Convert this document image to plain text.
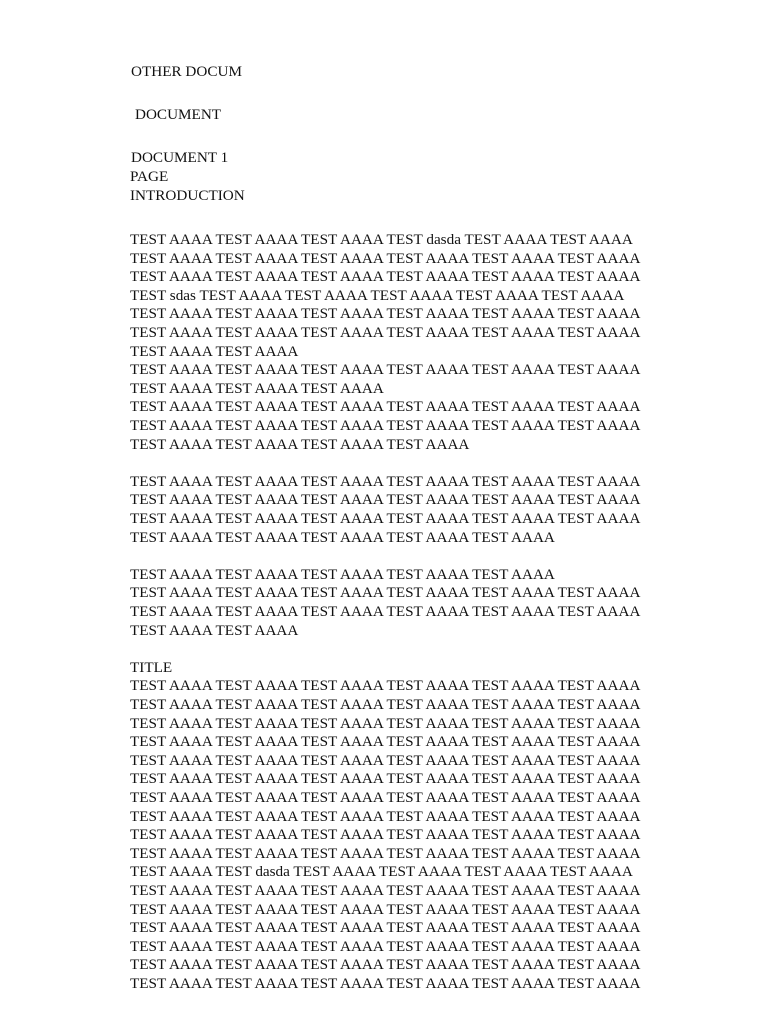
OTHER DOCUM
DOCUMENT
DOCUMENT 1
PAGE
INTRODUCTION
TEST AAAA TEST AAAA TEST AAAA TEST dasda TEST AAAA TEST AAAA
TEST AAAA TEST AAAA TEST AAAA TEST AAAA TEST AAAA TEST AAAA
TEST AAAA TEST AAAA TEST AAAA TEST AAAA TEST AAAA TEST AAAA
TEST sdas TEST AAAA TEST AAAA TEST AAAA TEST AAAA TEST AAAA
TEST AAAA TEST AAAA TEST AAAA TEST AAAA TEST AAAA TEST AAAA
TEST AAAA TEST AAAA TEST AAAA TEST AAAA TEST AAAA TEST AAAA
TEST AAAA TEST AAAA
TEST AAAA TEST AAAA TEST AAAA TEST AAAA TEST AAAA TEST AAAA
TEST AAAA TEST AAAA TEST AAAA
TEST AAAA TEST AAAA TEST AAAA TEST AAAA TEST AAAA TEST AAAA
TEST AAAA TEST AAAA TEST AAAA TEST AAAA TEST AAAA TEST AAAA
TEST AAAA TEST AAAA TEST AAAA TEST AAAA
TEST AAAA TEST AAAA TEST AAAA TEST AAAA TEST AAAA TEST AAAA
TEST AAAA TEST AAAA TEST AAAA TEST AAAA TEST AAAA TEST AAAA
TEST AAAA TEST AAAA TEST AAAA TEST AAAA TEST AAAA TEST AAAA
TEST AAAA TEST AAAA TEST AAAA TEST AAAA TEST AAAA
TEST AAAA TEST AAAA TEST AAAA TEST AAAA TEST AAAA
TEST AAAA TEST AAAA TEST AAAA TEST AAAA TEST AAAA TEST AAAA
TEST AAAA TEST AAAA TEST AAAA TEST AAAA TEST AAAA TEST AAAA
TEST AAAA TEST AAAA
TITLE
TEST AAAA TEST AAAA TEST AAAA TEST AAAA TEST AAAA TEST AAAA
TEST AAAA TEST AAAA TEST AAAA TEST AAAA TEST AAAA TEST AAAA
TEST AAAA TEST AAAA TEST AAAA TEST AAAA TEST AAAA TEST AAAA
TEST AAAA TEST AAAA TEST AAAA TEST AAAA TEST AAAA TEST AAAA
TEST AAAA TEST AAAA TEST AAAA TEST AAAA TEST AAAA TEST AAAA
TEST AAAA TEST AAAA TEST AAAA TEST AAAA TEST AAAA TEST AAAA
TEST AAAA TEST AAAA TEST AAAA TEST AAAA TEST AAAA TEST AAAA
TEST AAAA TEST AAAA TEST AAAA TEST AAAA TEST AAAA TEST AAAA
TEST AAAA TEST AAAA TEST AAAA TEST AAAA TEST AAAA TEST AAAA
TEST AAAA TEST AAAA TEST AAAA TEST AAAA TEST AAAA TEST AAAA
TEST AAAA TEST dasda TEST AAAA TEST AAAA TEST AAAA TEST AAAA
TEST AAAA TEST AAAA TEST AAAA TEST AAAA TEST AAAA TEST AAAA
TEST AAAA TEST AAAA TEST AAAA TEST AAAA TEST AAAA TEST AAAA
TEST AAAA TEST AAAA TEST AAAA TEST AAAA TEST AAAA TEST AAAA
TEST AAAA TEST AAAA TEST AAAA TEST AAAA TEST AAAA TEST AAAA
TEST AAAA TEST AAAA TEST AAAA TEST AAAA TEST AAAA TEST AAAA
TEST AAAA TEST AAAA TEST AAAA TEST AAAA TEST AAAA TEST AAAA
